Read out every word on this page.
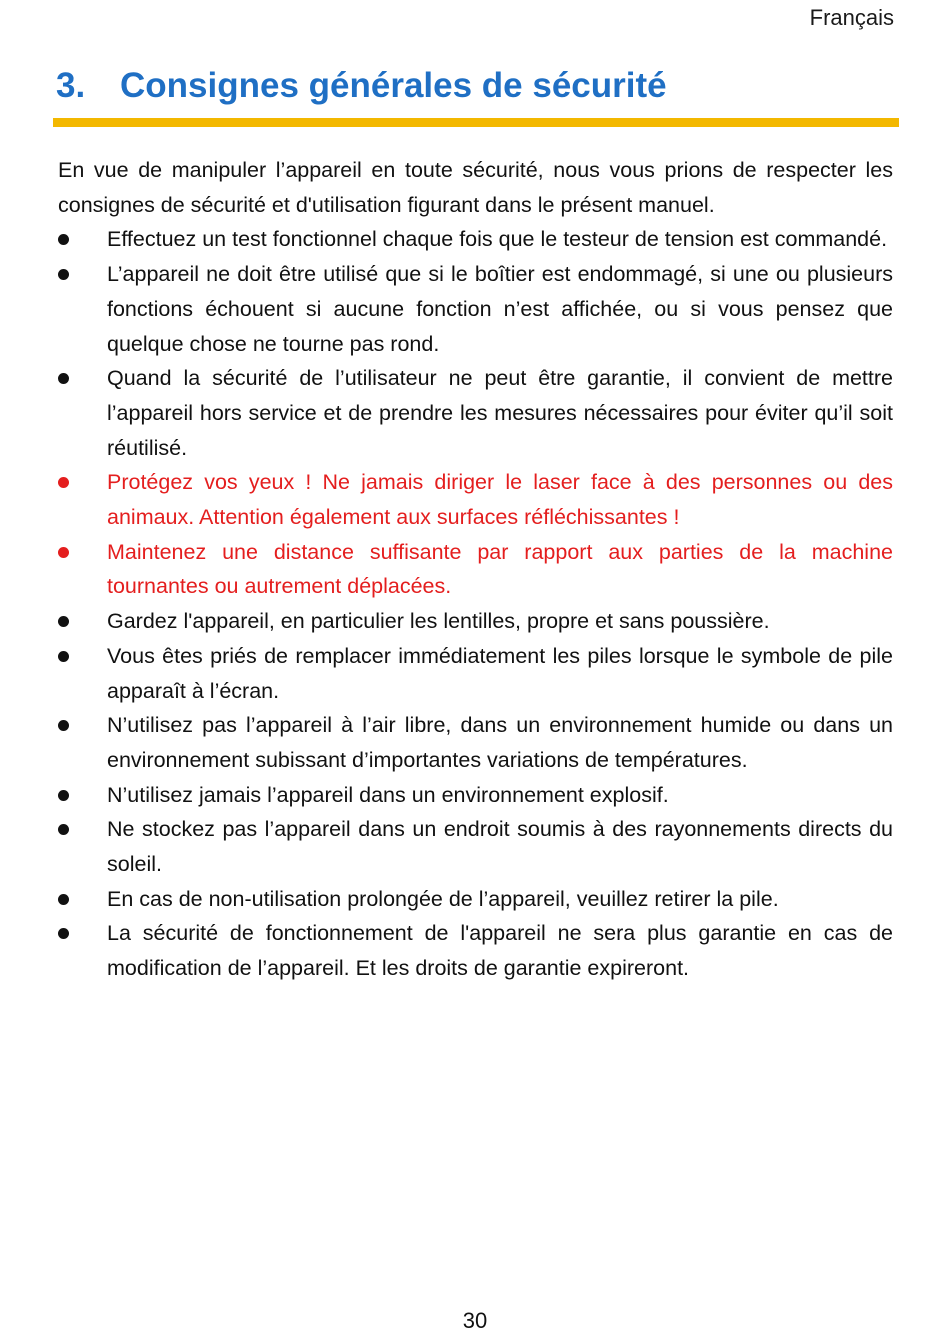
Français
3. Consignes générales de sécurité

En vue de manipuler l’appareil en toute sécurité, nous vous prions de respecter les consignes de sécurité et d'utilisation figurant dans le présent manuel.

Effectuez un test fonctionnel chaque fois que le testeur de tension est commandé.
L’appareil ne doit être utilisé que si le boîtier est endommagé, si une ou plusieurs fonctions échouent si aucune fonction n’est affichée, ou si vous pensez que quelque chose ne tourne pas rond.
Quand la sécurité de l’utilisateur ne peut être garantie, il convient de mettre l’appareil hors service et de prendre les mesures nécessaires pour éviter qu’il soit réutilisé.
Protégez vos yeux ! Ne jamais diriger le laser face à des personnes ou des animaux. Attention également aux surfaces réfléchissantes !
Maintenez une distance suffisante par rapport aux parties de la machine tournantes ou autrement déplacées.
Gardez l'appareil, en particulier les lentilles, propre et sans poussière.
Vous êtes priés de remplacer immédiatement les piles lorsque le symbole de pile apparaît à l’écran.
N’utilisez pas l’appareil à l’air libre, dans un environnement humide ou dans un environnement subissant d’importantes variations de températures.
N’utilisez jamais l’appareil dans un environnement explosif.
Ne stockez pas l’appareil dans un endroit soumis à des rayonnements directs du soleil.
En cas de non-utilisation prolongée de l’appareil, veuillez retirer la pile.
La sécurité de fonctionnement de l'appareil ne sera plus garantie en cas de modification de l’appareil. Et les droits de garantie expireront.
30
